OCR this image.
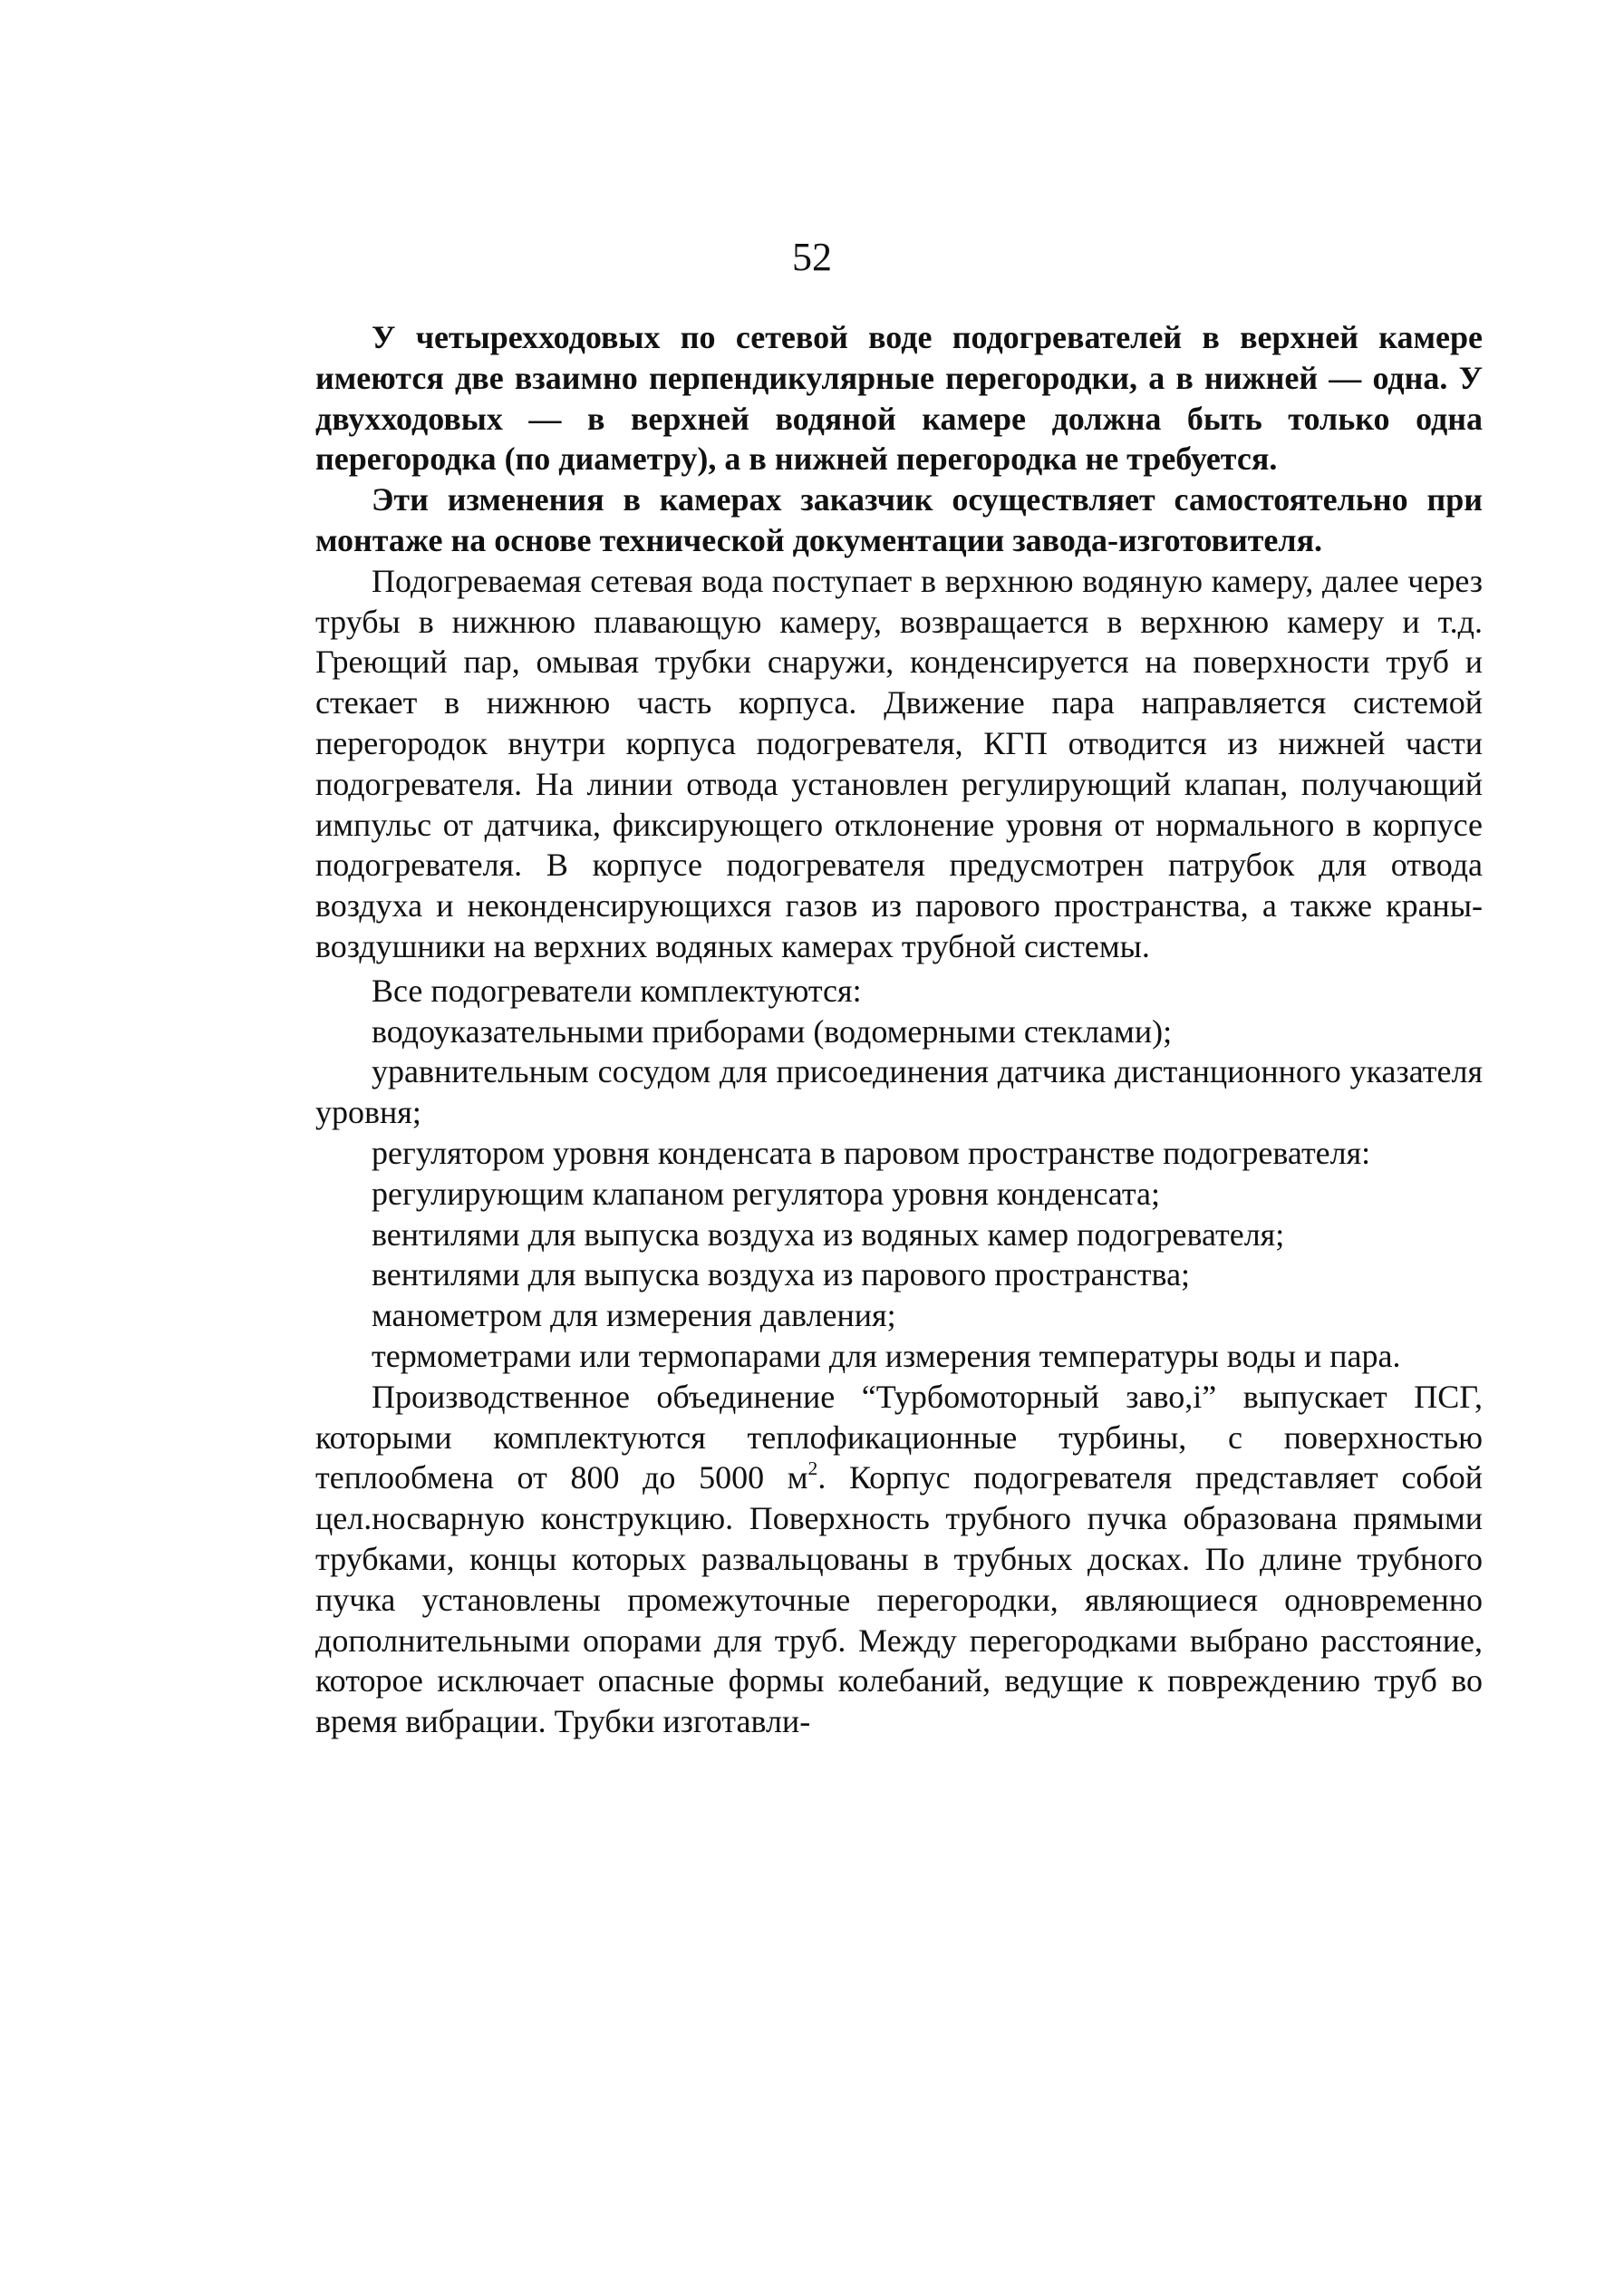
52

У четырехходовых по сетевой воде подогревателей в верхней камере имеются две взаимно перпендикулярные перегородки, а в нижней — одна. У двухходовых — в верхней водяной камере должна быть только одна перегородка (по диаметру), а в нижней перегородка не требуется.

Эти изменения в камерах заказчик осуществляет самостоятельно при монтаже на основе технической документации завода-изготовителя.

Подогреваемая сетевая вода поступает в верхнюю водяную камеру, далее через трубы в нижнюю плавающую камеру, возвращается в верхнюю камеру и т.д. Греющий пар, омывая трубки снаружи, конденсируется на поверхности труб и стекает в нижнюю часть корпуса. Движение пара направляется системой перегородок внутри корпуса подогревателя, КГП отводится из нижней части подогревателя. На линии отвода установлен регулирующий клапан, получающий импульс от датчика, фиксирующего отклонение уровня от нормального в корпусе подогревателя. В корпусе подогревателя предусмотрен патрубок для отвода воздуха и неконденсирующихся газов из парового пространства, а также краны-воздушники на верхних водяных камерах трубной системы.

Все подогреватели комплектуются:

водоуказательными приборами (водомерными стеклами);

уравнительным сосудом для присоединения датчика дистанционного указателя уровня;

регулятором уровня конденсата в паровом пространстве подогревателя:

регулирующим клапаном регулятора уровня конденсата;

вентилями для выпуска воздуха из водяных камер подогревателя;

вентилями для выпуска воздуха из парового пространства;

манометром для измерения давления;

термометрами или термопарами для измерения температуры воды и пара.

Производственное объединение “Турбомоторный заво,і” выпускает ПСГ, которыми комплектуются теплофикационные турбины, с поверхностью теплообмена от 800 до 5000 $м^2$. Корпус подогревателя представляет собой цел.носварную конструкцию. Поверхность трубного пучка образована прямыми трубками, концы которых развальцованы в трубных досках. По длине трубного пучка установлены промежуточные перегородки, являющиеся одновременно дополнительными опорами для труб. Между перегородками выбрано расстояние, которое исключает опасные формы колебаний, ведущие к повреждению труб во время вибрации. Трубки изготавли-
